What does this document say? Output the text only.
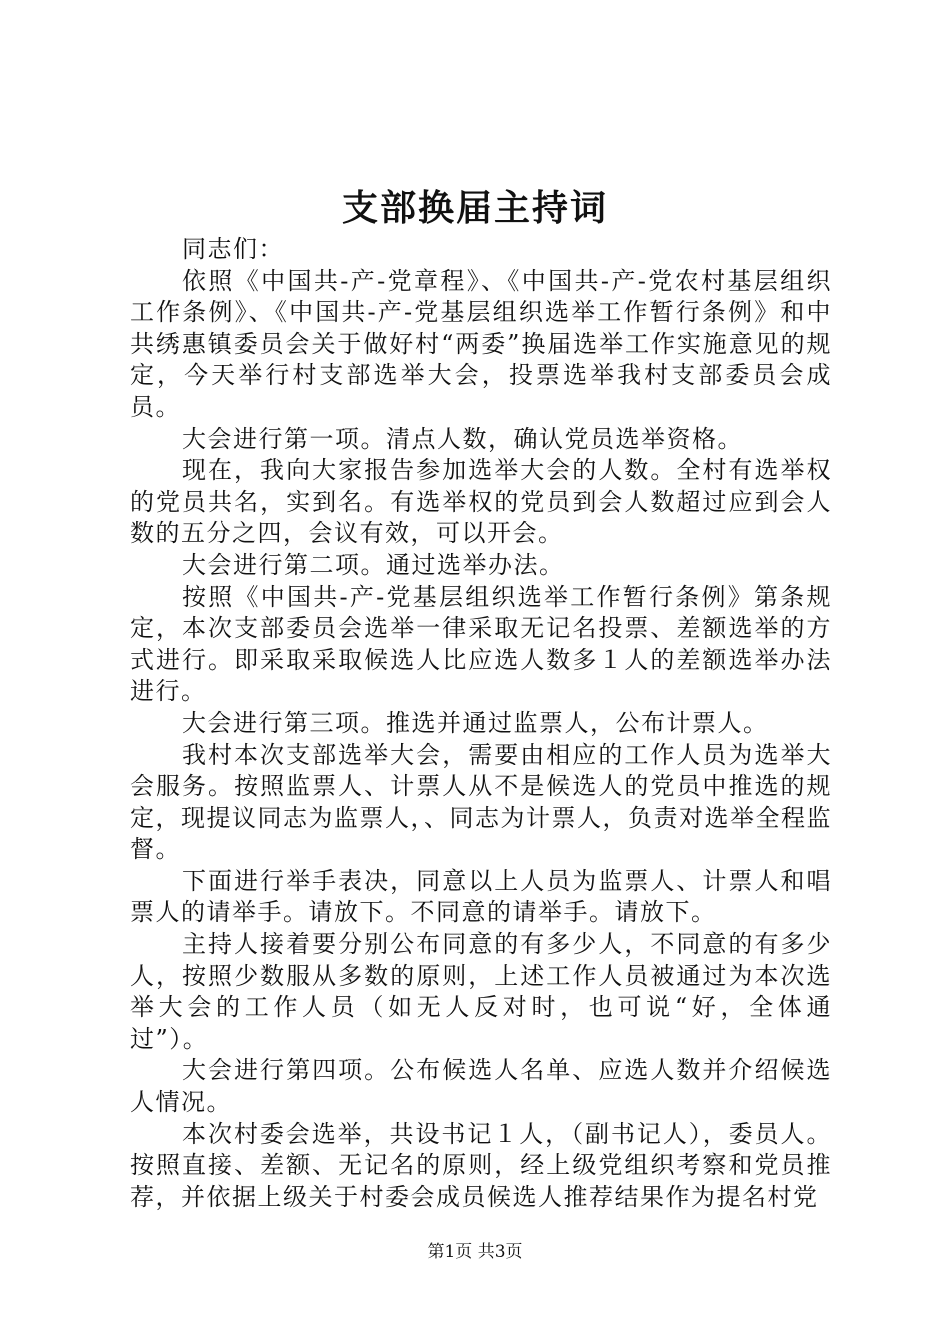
支部换届主持词

同志们：

依照《中国共-产-党章程》、《中国共-产-党农村基层组织工作条例》、《中国共-产-党基层组织选举工作暂行条例》和中共绣惠镇委员会关于做好村“两委”换届选举工作实施意见的规定，今天举行村支部选举大会，投票选举我村支部委员会成员。

大会进行第一项。清点人数，确认党员选举资格。

现在，我向大家报告参加选举大会的人数。全村有选举权的党员共名，实到名。有选举权的党员到会人数超过应到会人数的五分之四，会议有效，可以开会。

大会进行第二项。通过选举办法。

按照《中国共-产-党基层组织选举工作暂行条例》第条规定，本次支部委员会选举一律采取无记名投票、差额选举的方式进行。即采取采取候选人比应选人数多１人的差额选举办法进行。

大会进行第三项。推选并通过监票人，公布计票人。

我村本次支部选举大会，需要由相应的工作人员为选举大会服务。按照监票人、计票人从不是候选人的党员中推选的规定，现提议同志为监票人，、同志为计票人，负责对选举全程监督。

下面进行举手表决，同意以上人员为监票人、计票人和唱票人的请举手。请放下。不同意的请举手。请放下。

主持人接着要分别公布同意的有多少人，不同意的有多少人，按照少数服从多数的原则，上述工作人员被通过为本次选举大会的工作人员（如无人反对时，也可说“好，全体通过”）。

大会进行第四项。公布候选人名单、应选人数并介绍候选人情况。

本次村委会选举，共设书记１人，（副书记人），委员人。按照直接、差额、无记名的原则，经上级党组织考察和党员推荐，并依据上级关于村委会成员候选人推荐结果作为提名村党

第1页 共3页
